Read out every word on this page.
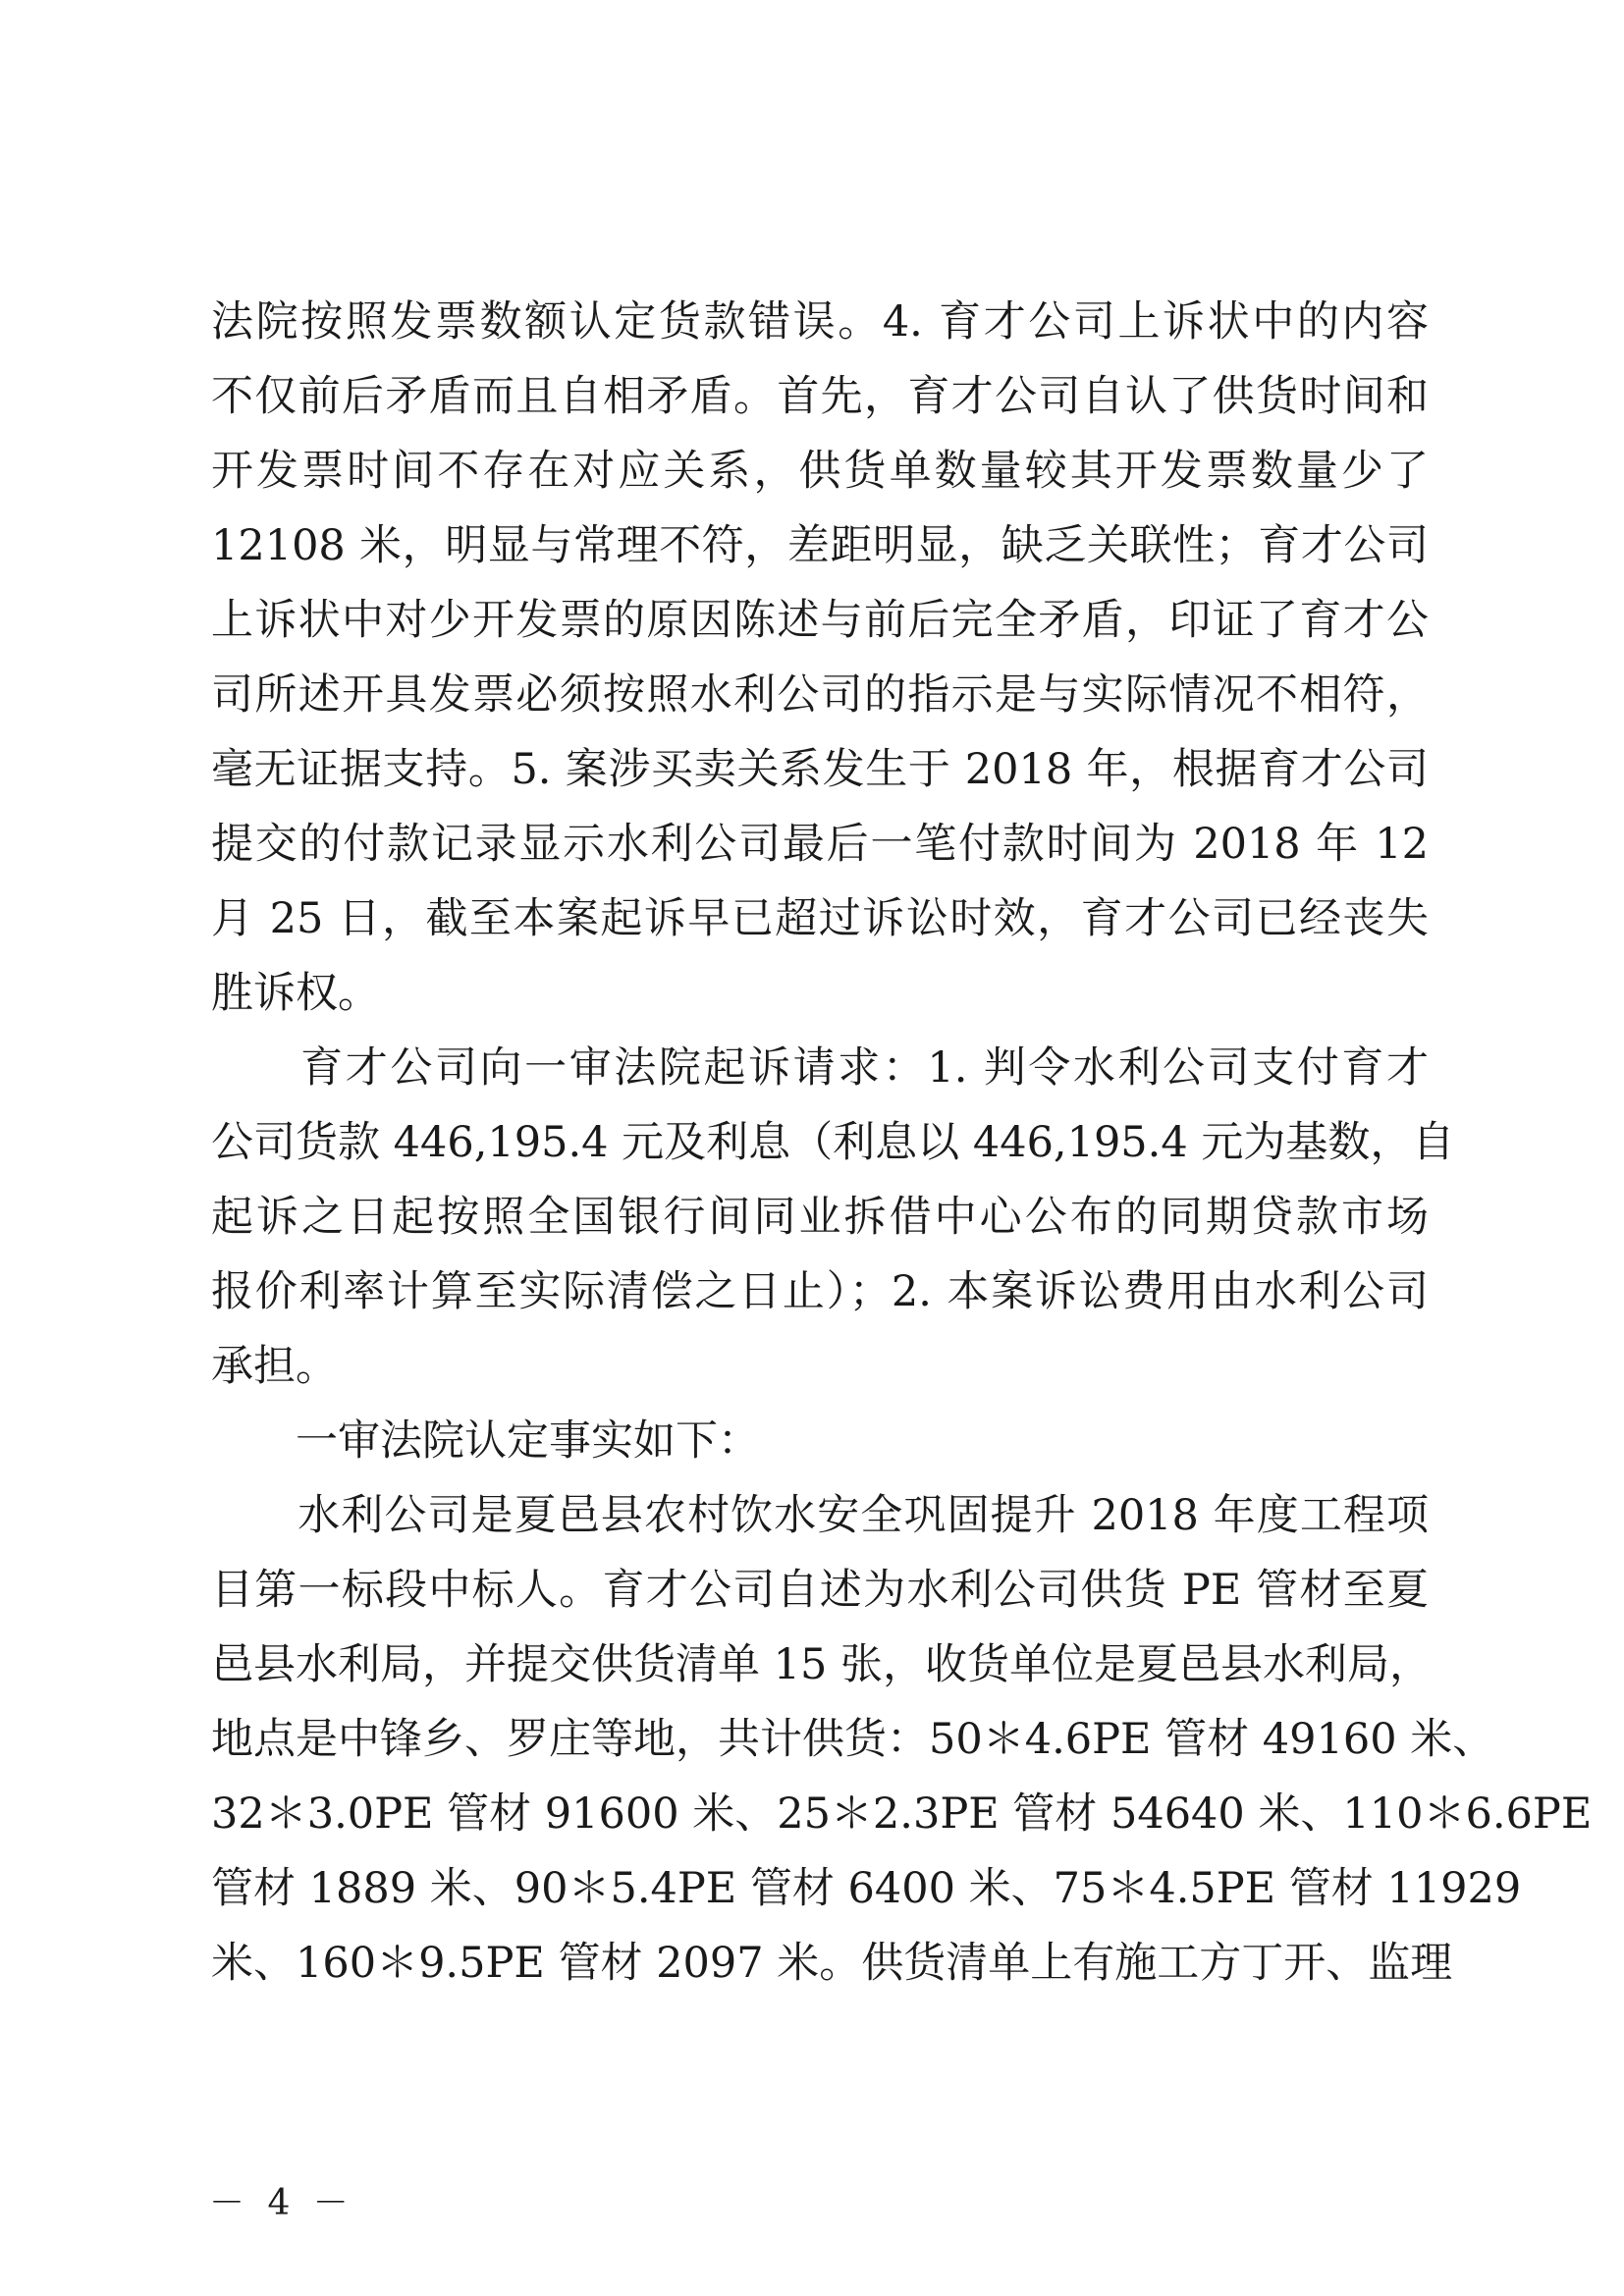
法院按照发票数额认定货款错误。4. 育才公司上诉状中的内容
不仅前后矛盾而且自相矛盾。首先，育才公司自认了供货时间和
开发票时间不存在对应关系，供货单数量较其开发票数量少了
12108 米，明显与常理不符，差距明显，缺乏关联性；育才公司
上诉状中对少开发票的原因陈述与前后完全矛盾，印证了育才公
司所述开具发票必须按照水利公司的指示是与实际情况不相符，
毫无证据支持。5. 案涉买卖关系发生于 2018 年，根据育才公司
提交的付款记录显示水利公司最后一笔付款时间为 2018 年 12
月 25 日，截至本案起诉早已超过诉讼时效，育才公司已经丧失
胜诉权。
　　育才公司向一审法院起诉请求：1. 判令水利公司支付育才
公司货款 446,195.4 元及利息（利息以 446,195.4 元为基数，自
起诉之日起按照全国银行间同业拆借中心公布的同期贷款市场
报价利率计算至实际清偿之日止）；2. 本案诉讼费用由水利公司
承担。
　　一审法院认定事实如下：
　　水利公司是夏邑县农村饮水安全巩固提升 2018 年度工程项
目第一标段中标人。育才公司自述为水利公司供货 PE 管材至夏
邑县水利局，并提交供货清单 15 张，收货单位是夏邑县水利局，
地点是中锋乡、罗庄等地，共计供货：50＊4.6PE 管材 49160 米、
32＊3.0PE 管材 91600 米、25＊2.3PE 管材 54640 米、110＊6.6PE
管材 1889 米、90＊5.4PE 管材 6400 米、75＊4.5PE 管材 11929
米、160＊9.5PE 管材 2097 米。供货清单上有施工方丁开、监理
－ 4 －
